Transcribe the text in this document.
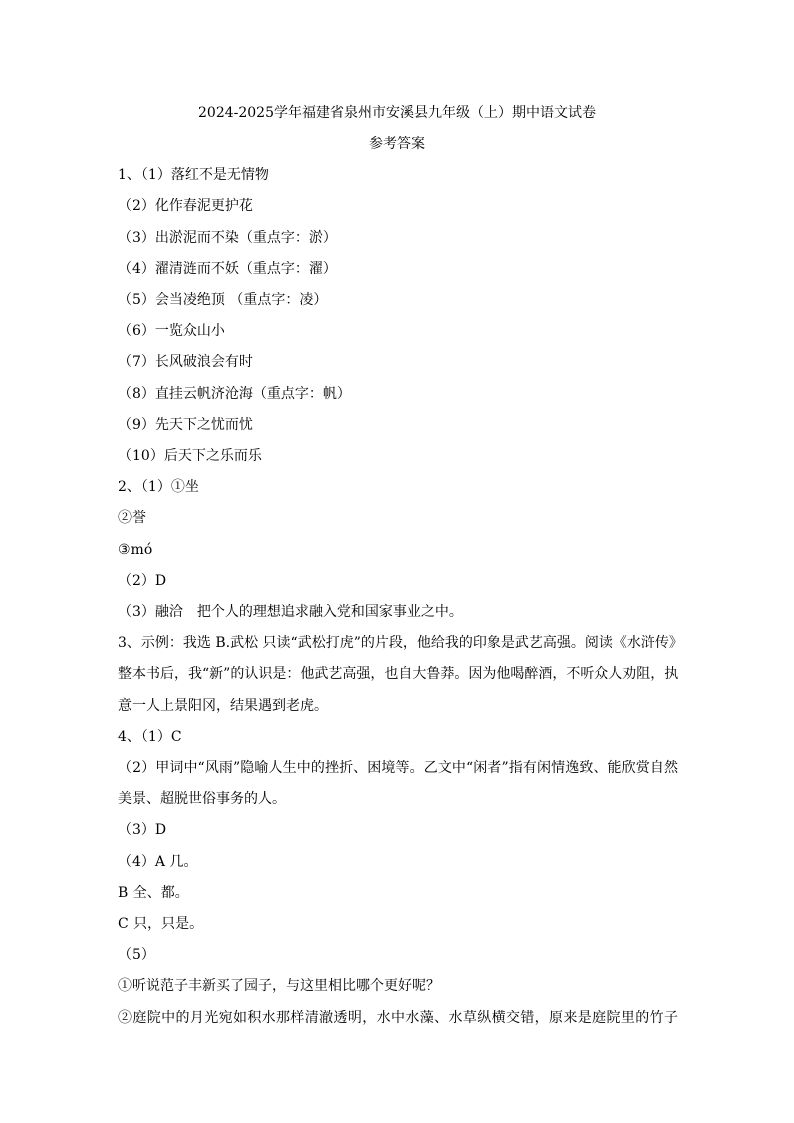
2024-2025学年福建省泉州市安溪县九年级（上）期中语文试卷
参考答案
1、（1）落红不是无情物
（2）化作春泥更护花
（3）出淤泥而不染（重点字：淤）
（4）濯清涟而不妖（重点字：濯）
（5）会当凌绝顶 （重点字：凌）
（6）一览众山小
（7）长风破浪会有时
（8）直挂云帆济沧海（重点字：帆）
（9）先天下之忧而忧
（10）后天下之乐而乐
2、（1）①坐
②誉
③mó
（2）D
（3）融洽　把个人的理想追求融入党和国家事业之中。
3、示例：我选 B.武松 只读“武松打虎”的片段，他给我的印象是武艺高强。阅读《水浒传》
整本书后，我“新”的认识是：他武艺高强，也自大鲁莽。因为他喝醉酒，不听众人劝阻，执
意一人上景阳冈，结果遇到老虎。
4、（1）C
（2）甲词中“风雨”隐喻人生中的挫折、困境等。乙文中“闲者”指有闲情逸致、能欣赏自然
美景、超脱世俗事务的人。
（3）D
（4）A 几。
B 全、都。
C 只，只是。
（5）
①听说范子丰新买了园子，与这里相比哪个更好呢？
②庭院中的月光宛如积水那样清澈透明，水中水藻、水草纵横交错，原来是庭院里的竹子
